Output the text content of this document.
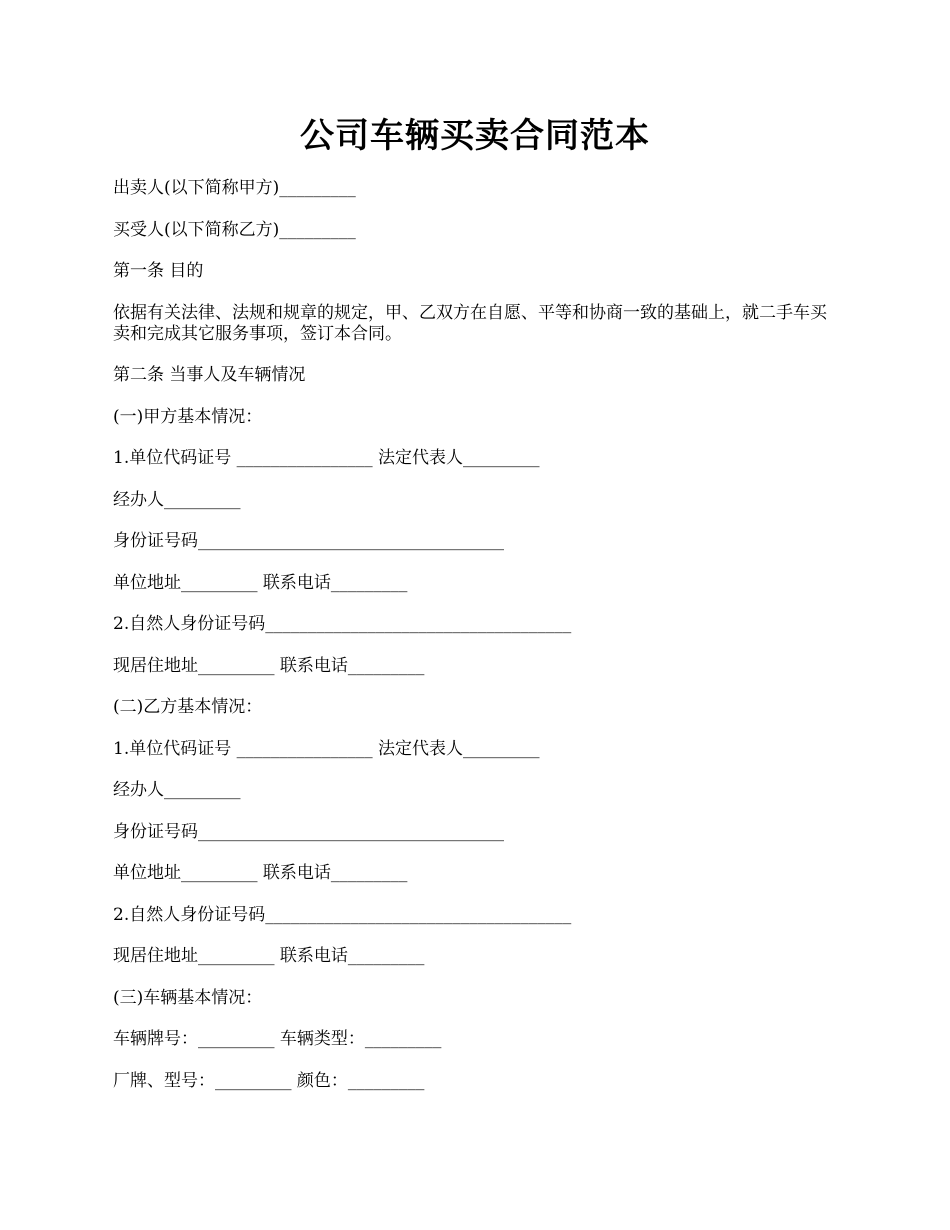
公司车辆买卖合同范本

出卖人(以下简称甲方)_________

买受人(以下简称乙方)_________

第一条 目的

依据有关法律、法规和规章的规定，甲、乙双方在自愿、平等和协商一致的基础上，就二手车买卖和完成其它服务事项，签订本合同。

第二条 当事人及车辆情况

(一)甲方基本情况：

1.单位代码证号 ________________ 法定代表人_________

经办人_________

身份证号码____________________________________

单位地址_________ 联系电话_________

2.自然人身份证号码____________________________________

现居住地址_________ 联系电话_________

(二)乙方基本情况：

1.单位代码证号 ________________ 法定代表人_________

经办人_________

身份证号码____________________________________

单位地址_________ 联系电话_________

2.自然人身份证号码____________________________________

现居住地址_________ 联系电话_________

(三)车辆基本情况：

车辆牌号：_________ 车辆类型：_________

厂牌、型号：_________ 颜色：_________
